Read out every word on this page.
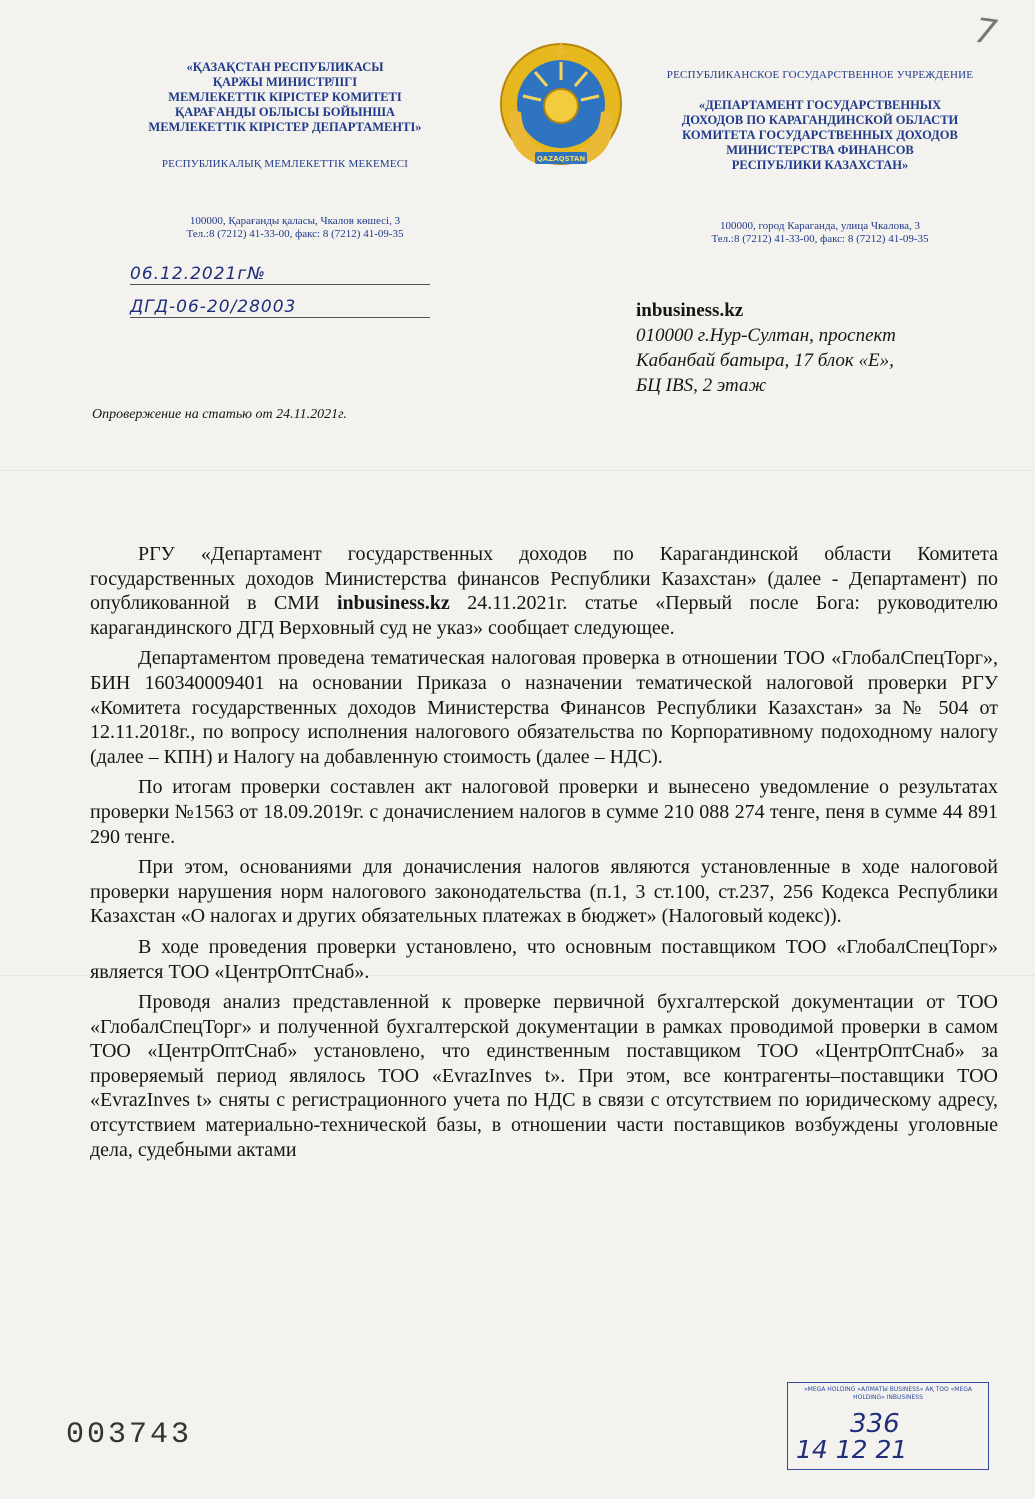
7
«ҚАЗАҚСТАН РЕСПУБЛИКАСЫ
ҚАРЖЫ МИНИСТРЛІГІ
МЕМЛЕКЕТТІК КІРІСТЕР КОМИТЕТІ
ҚАРАҒАНДЫ ОБЛЫСЫ БОЙЫНША
МЕМЛЕКЕТТІК КІРІСТЕР ДЕПАРТАМЕНТІ»
РЕСПУБЛИКАЛЫҚ МЕМЛЕКЕТТІК МЕКЕМЕСІ
100000, Қарағанды қаласы, Чкалов көшесі, 3
Тел.:8 (7212) 41-33-00, факс: 8 (7212) 41-09-35
QAZAQSTAN
РЕСПУБЛИКАНСКОЕ ГОСУДАРСТВЕННОЕ УЧРЕЖДЕНИЕ
«ДЕПАРТАМЕНТ ГОСУДАРСТВЕННЫХ
ДОХОДОВ ПО КАРАГАНДИНСКОЙ ОБЛАСТИ
КОМИТЕТА ГОСУДАРСТВЕННЫХ ДОХОДОВ
МИНИСТЕРСТВА ФИНАНСОВ
РЕСПУБЛИКИ КАЗАХСТАН»
100000, город Караганда, улица Чкалова, 3
Тел.:8 (7212) 41-33-00, факс: 8 (7212) 41-09-35
06.12.2021г№
ДГД-06-20/28003	inbusiness.kz
010000 г.Нур-Султан, проспект
Кабанбай батыра, 17 блок «Е»,
БЦ IBS, 2 этаж
Опровержение на статью от 24.11.2021г.

РГУ «Департамент государственных доходов по Карагандинской области Комитета государственных доходов Министерства финансов Республики Казахстан» (далее - Департамент) по опубликованной в СМИ inbusiness.kz 24.11.2021г. статье «Первый после Бога: руководителю карагандинского ДГД Верховный суд не указ» сообщает следующее.

Департаментом проведена тематическая налоговая проверка в отношении ТОО «ГлобалСпецТорг», БИН 160340009401 на основании Приказа о назначении тематической налоговой проверки РГУ «Комитета государственных доходов Министерства Финансов Республики Казахстан» за № 504 от 12.11.2018г., по вопросу исполнения налогового обязательства по Корпоративному подоходному налогу (далее – КПН) и Налогу на добавленную стоимость (далее – НДС).

По итогам проверки составлен акт налоговой проверки и вынесено уведомление о результатах проверки №1563 от 18.09.2019г. с доначислением налогов в сумме 210 088 274 тенге, пеня в сумме 44 891 290 тенге.

При этом, основаниями для доначисления налогов являются установленные в ходе налоговой проверки нарушения норм налогового законодательства (п.1, 3 ст.100, ст.237, 256 Кодекса Республики Казахстан «О налогах и других обязательных платежах в бюджет» (Налоговый кодекс)).

В ходе проведения проверки установлено, что основным поставщиком ТОО «ГлобалСпецТорг» является ТОО «ЦентрОптСнаб».

Проводя анализ представленной к проверке первичной бухгалтерской документации от ТОО «ГлобалСпецТорг» и полученной бухгалтерской документации в рамках проводимой проверки в самом ТОО «ЦентрОптСнаб» установлено, что единственным поставщиком ТОО «ЦентрОптСнаб» за проверяемый период являлось ТОО «EvrazInves t». При этом, все контрагенты–поставщики ТОО «EvrazInves t» сняты с регистрационного учета по НДС в связи с отсутствием по юридическому адресу, отсутствием материально-технической базы, в отношении части поставщиков возбуждены уголовные дела, судебными актами

003743
«MEGA HOLDING «АЛМАТЫ BUSINESS» АҚ ТОО «MEGA HOLDING» INBUSINESS
336
14 12 21
